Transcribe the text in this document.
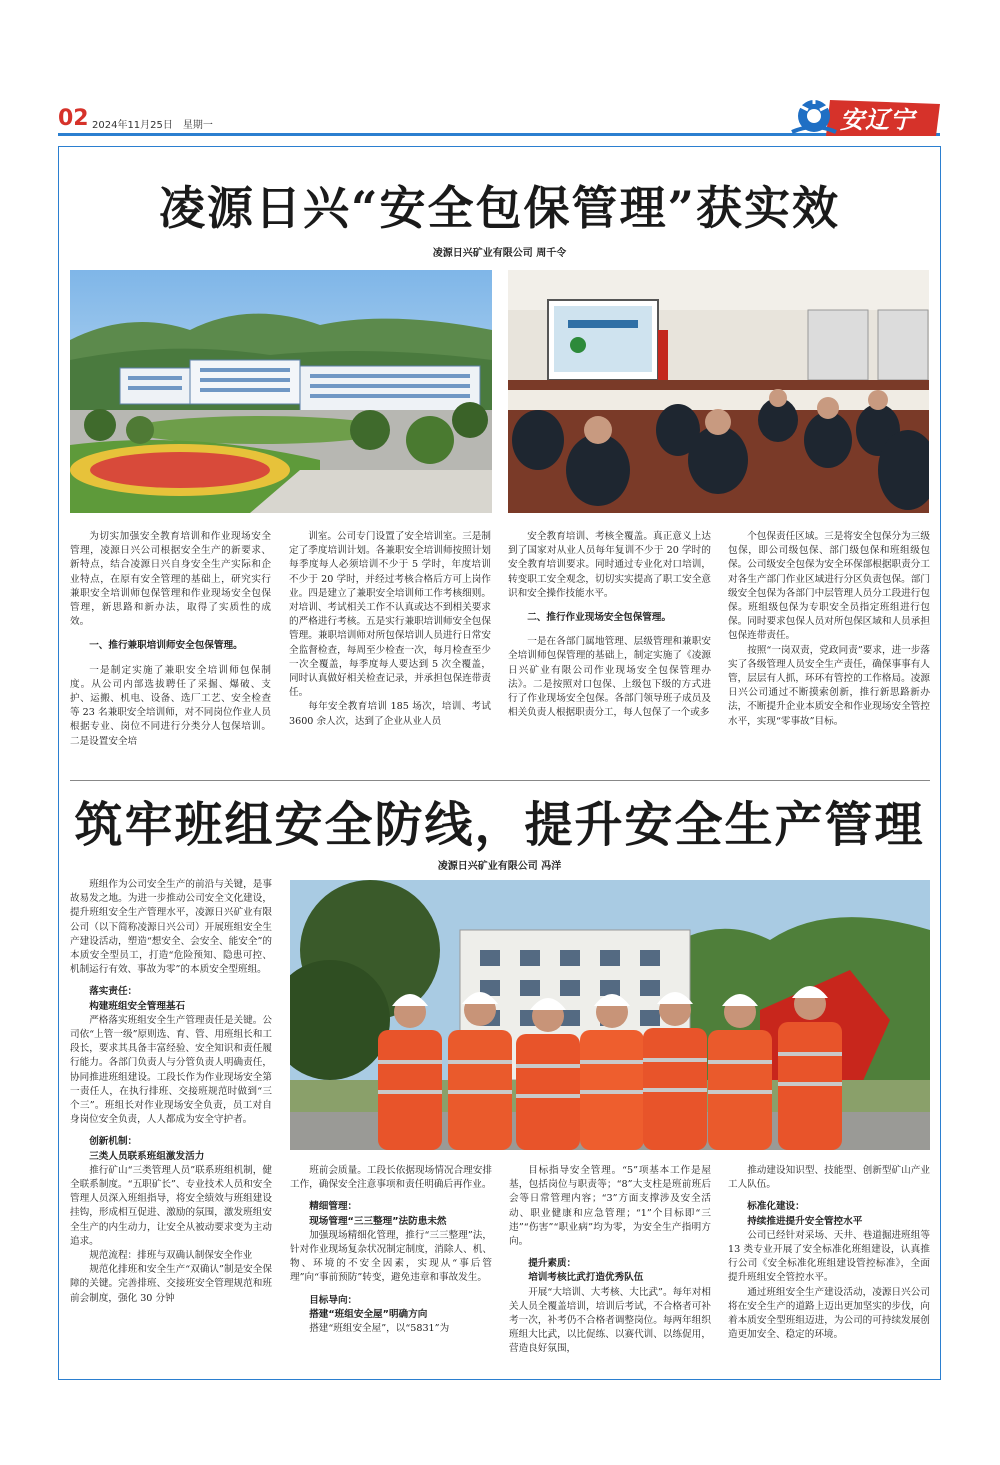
02 2024年11月25日　星期一	安辽宁
凌源日兴“安全包保管理”获实效
凌源日兴矿业有限公司 周千令

为切实加强安全教育培训和作业现场安全管理，凌源日兴公司根据安全生产的新要求、新特点，结合凌源日兴自身安全生产实际和企业特点，在原有安全管理的基础上，研究实行兼职安全培训师包保管理和作业现场安全包保管理，新思路和新办法，取得了实质性的成效。

一、推行兼职培训师安全包保管理。

一是制定实施了兼职安全培训师包保制度。从公司内部选拔聘任了采掘、爆破、支护、运搬、机电、设备、选厂工艺、安全检查等 23 名兼职安全培训师，对不同岗位作业人员根据专业、岗位不同进行分类分人包保培训。二是设置安全培

训室。公司专门设置了安全培训室。三是制定了季度培训计划。各兼职安全培训师按照计划每季度每人必须培训不少于 5 学时，年度培训不少于 20 学时，并经过考核合格后方可上岗作业。四是建立了兼职安全培训师工作考核细则。对培训、考试相关工作不认真或达不到相关要求的严格进行考核。五是实行兼职培训师安全包保管理。兼职培训师对所包保培训人员进行日常安全监督检查，每周至少检查一次，每月检查至少一次全覆盖，每季度每人要达到 5 次全覆盖，同时认真做好相关检查记录，并承担包保连带责任。

每年安全教育培训 185 场次，培训、考试 3600 余人次，达到了企业从业人员

安全教育培训、考核全覆盖。真正意义上达到了国家对从业人员每年复训不少于 20 学时的安全教育培训要求。同时通过专业化对口培训，转变职工安全观念，切切实实提高了职工安全意识和安全操作技能水平。

二、推行作业现场安全包保管理。

一是在各部门属地管理、层级管理和兼职安全培训师包保管理的基础上，制定实施了《凌源日兴矿业有限公司作业现场安全包保管理办法》。二是按照对口包保、上级包下级的方式进行了作业现场安全包保。各部门领导班子成员及相关负责人根据职责分工，每人包保了一个或多

个包保责任区域。三是将安全包保分为三级包保，即公司级包保、部门级包保和班组级包保。公司级安全包保为安全环保部根据职责分工对各生产部门作业区域进行分区负责包保。部门级安全包保为各部门中层管理人员分工段进行包保。班组级包保为专职安全员指定班组进行包保。同时要求包保人员对所包保区域和人员承担包保连带责任。

按照“一岗双责，党政同责”要求，进一步落实了各级管理人员安全生产责任，确保事事有人管，层层有人抓，环环有管控的工作格局。凌源日兴公司通过不断摸索创新，推行新思路新办法，不断提升企业本质安全和作业现场安全管控水平，实现“零事故”目标。

筑牢班组安全防线，提升安全生产管理
凌源日兴矿业有限公司 冯洋

班组作为公司安全生产的前沿与关键，是事故易发之地。为进一步推动公司安全文化建设，提升班组安全生产管理水平，凌源日兴矿业有限公司（以下简称凌源日兴公司）开展班组安全生产建设活动，塑造“想安全、会安全、能安全”的本质安全型员工，打造“危险预知、隐患可控、机制运行有效、事故为零”的本质安全型班组。

落实责任：
构建班组安全管理基石

严格落实班组安全生产管理责任是关键。公司依“上管一级”原则选、育、管、用班组长和工段长，要求其具备丰富经验、安全知识和责任履行能力。各部门负责人与分管负责人明确责任，协同推进班组建设。工段长作为作业现场安全第一责任人，在执行排班、交接班规范时做到“三个三”。班组长对作业现场安全负责，员工对自身岗位安全负责，人人都成为安全守护者。

创新机制：
三类人员联系班组激发活力

推行矿山“三类管理人员”联系班组机制，健全联系制度。“五职矿长”、专业技术人员和安全管理人员深入班组指导，将安全绩效与班组建设挂钩，形成相互促进、激励的氛围，激发班组安全生产的内生动力，让安全从被动要求变为主动追求。

规范流程：排班与双确认制保安全作业

规范化排班和安全生产“双确认”制是安全保障的关键。完善排班、交接班安全管理规范和班前会制度，强化 30 分钟

班前会质量。工段长依据现场情况合理安排工作，确保安全注意事项和责任明确后再作业。

精细管理：
现场管理“三三整理”法防患未然

加强现场精细化管理，推行“三三整理”法，针对作业现场复杂状况制定制度，消除人、机、物、环境的不安全因素，实现从“事后管理”向“事前预防”转变，避免违章和事故发生。

目标导向：
搭建“班组安全屋”明确方向

搭建“班组安全屋”，以“5831”为

目标指导安全管理。“5”项基本工作是屋基，包括岗位与职责等；“8”大支柱是班前班后会等日常管理内容；“3”方面支撑涉及安全活动、职业健康和应急管理；“1”个目标即“三违”“伤害”“职业病”均为零，为安全生产指明方向。

提升素质：
培训考核比武打造优秀队伍

开展“大培训、大考核、大比武”。每年对相关人员全覆盖培训，培训后考试，不合格者可补考一次，补考仍不合格者调整岗位。每两年组织班组大比武，以比促练、以赛代训、以练促用，营造良好氛围，

推动建设知识型、技能型、创新型矿山产业工人队伍。

标准化建设：
持续推进提升安全管控水平

公司已经针对采场、天井、巷道掘进班组等 13 类专业开展了安全标准化班组建设，认真推行公司《安全标准化班组建设管控标准》，全面提升班组安全管控水平。

通过班组安全生产建设活动，凌源日兴公司将在安全生产的道路上迈出更加坚实的步伐，向着本质安全型班组迈进，为公司的可持续发展创造更加安全、稳定的环境。
